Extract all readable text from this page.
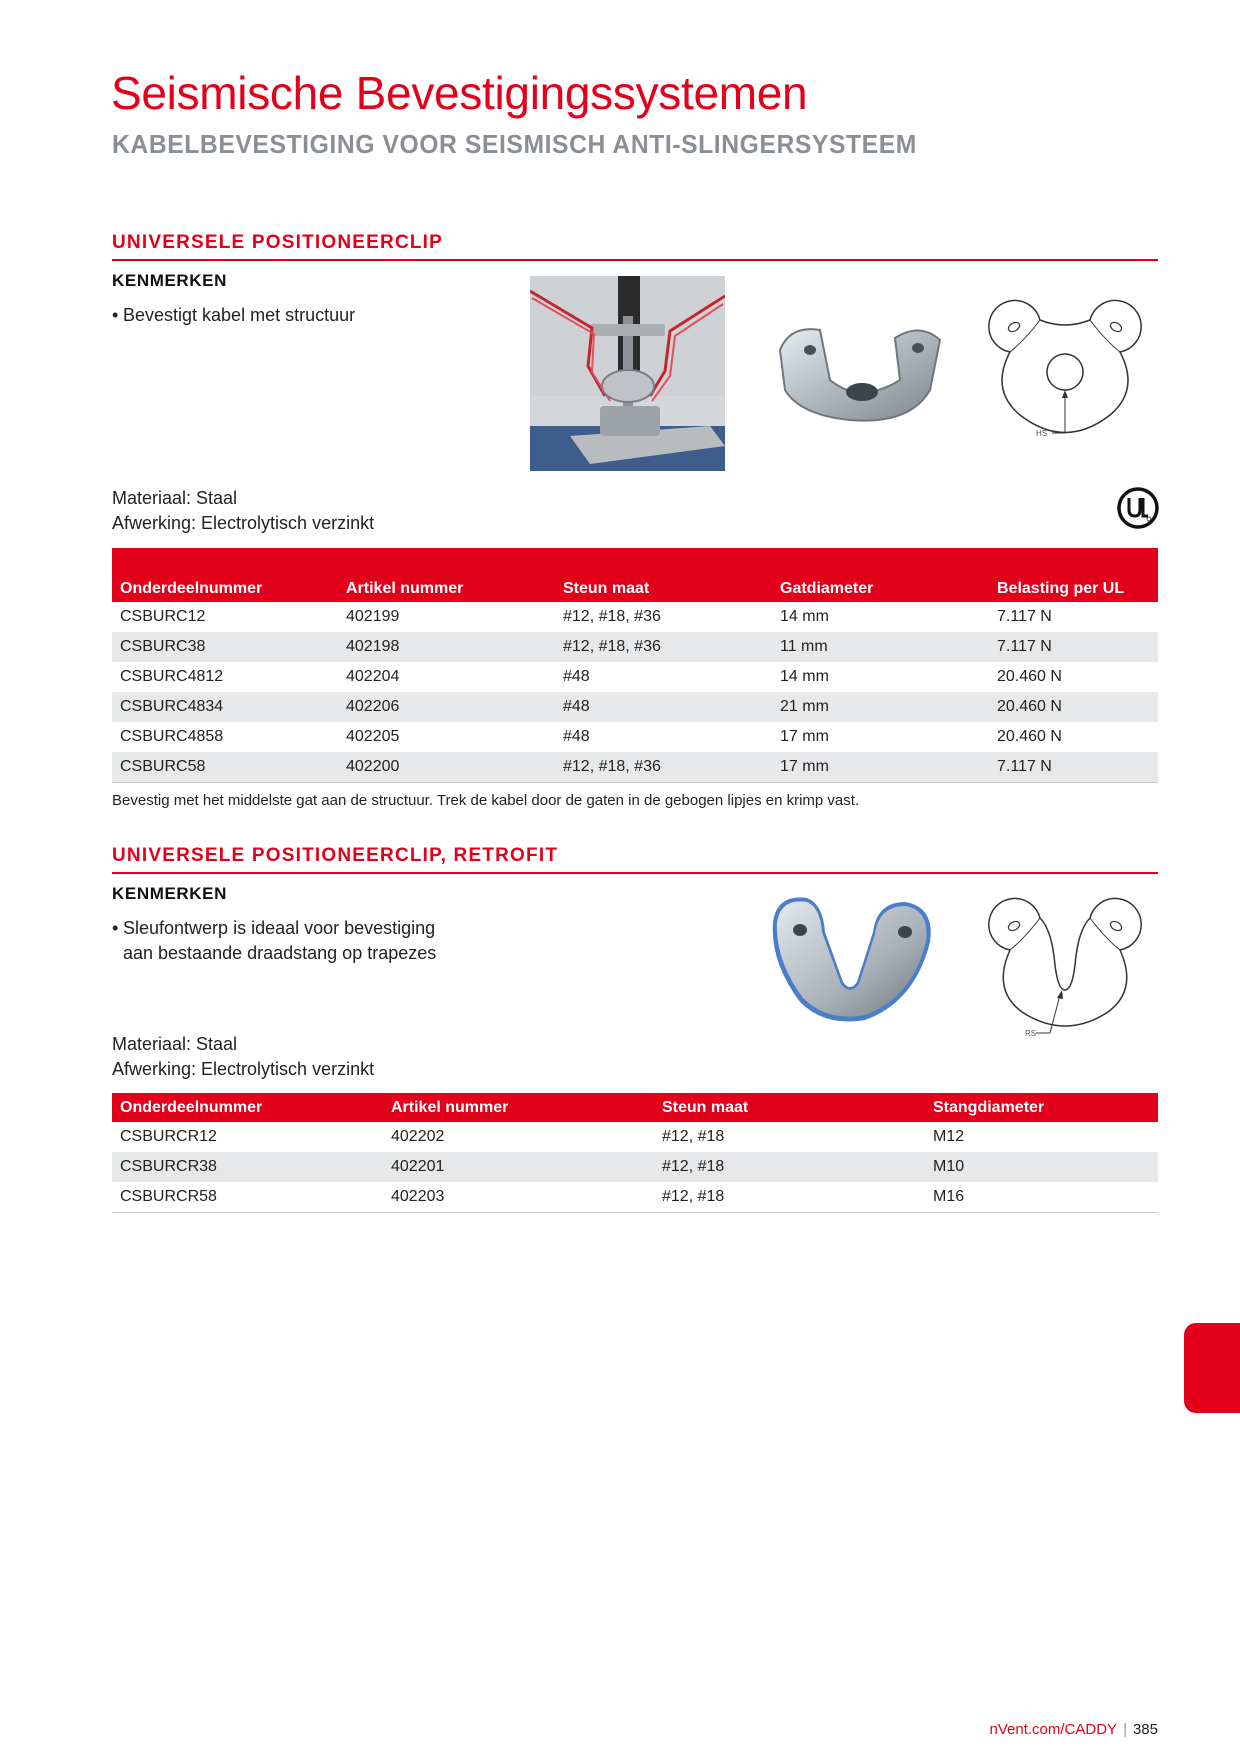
Seismische Bevestigingssystemen
KABELBEVESTIGING VOOR SEISMISCH ANTI-SLINGERSYSTEEM
UNIVERSELE POSITIONEERCLIP
KENMERKEN
• Bevestigt kabel met structuur
HS
Materiaal: Staal
Afwerking: Electrolytisch verzinkt
Onderdeelnummer	Artikel nummer	Steun maat	Gatdiameter	Belasting per UL
CSBURC12	402199	#12, #18, #36	14 mm	7.117 N
CSBURC38	402198	#12, #18, #36	11 mm	7.117 N
CSBURC4812	402204	#48	14 mm	20.460 N
CSBURC4834	402206	#48	21 mm	20.460 N
CSBURC4858	402205	#48	17 mm	20.460 N
CSBURC58	402200	#12, #18, #36	17 mm	7.117 N
Bevestig met het middelste gat aan de structuur. Trek de kabel door de gaten in de gebogen lipjes en krimp vast.
UNIVERSELE POSITIONEERCLIP, RETROFIT
KENMERKEN
• Sleufontwerp is ideaal voor bevestiging
aan bestaande draadstang op trapezes
RS
Materiaal: Staal
Afwerking: Electrolytisch verzinkt
Onderdeelnummer	Artikel nummer	Steun maat	Stangdiameter
CSBURCR12	402202	#12, #18	M12
CSBURCR38	402201	#12, #18	M10
CSBURCR58	402203	#12, #18	M16
nVent.com/CADDY | 385
